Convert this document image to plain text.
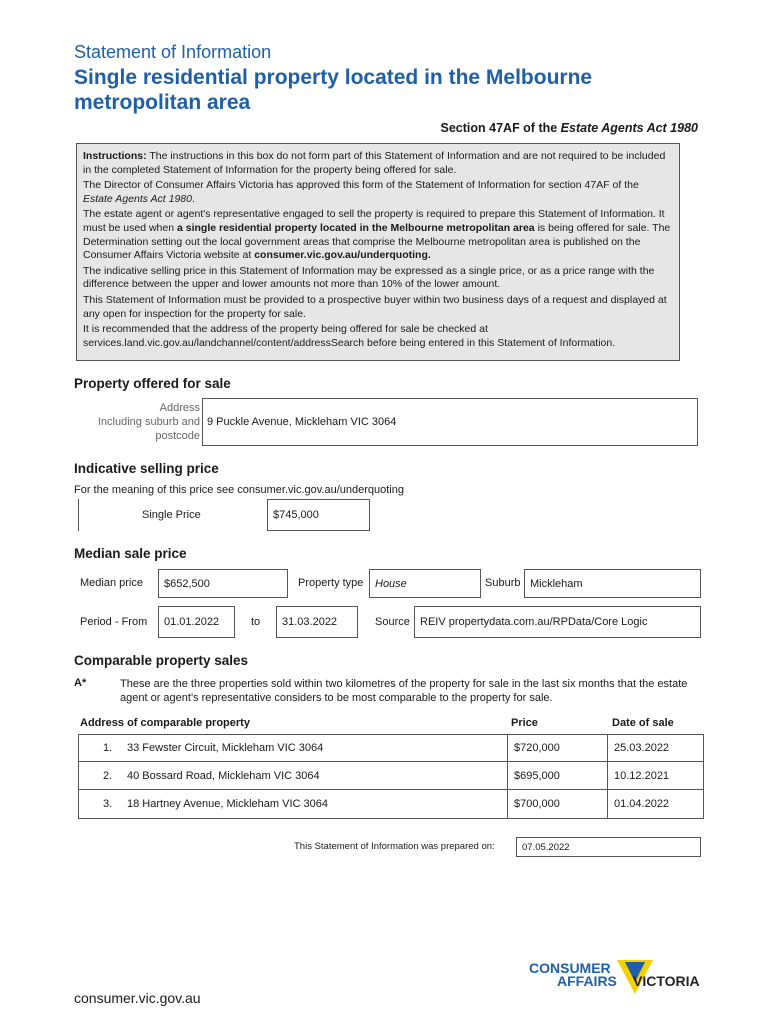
Statement of Information
Single residential property located in the Melbourne metropolitan area
Section 47AF of the Estate Agents Act 1980

Instructions: The instructions in this box do not form part of this Statement of Information and are not required to be included in the completed Statement of Information for the property being offered for sale.

The Director of Consumer Affairs Victoria has approved this form of the Statement of Information for section 47AF of the Estate Agents Act 1980.

The estate agent or agent's representative engaged to sell the property is required to prepare this Statement of Information. It must be used when a single residential property located in the Melbourne metropolitan area is being offered for sale. The Determination setting out the local government areas that comprise the Melbourne metropolitan area is published on the Consumer Affairs Victoria website at consumer.vic.gov.au/underquoting.

The indicative selling price in this Statement of Information may be expressed as a single price, or as a price range with the difference between the upper and lower amounts not more than 10% of the lower amount.

This Statement of Information must be provided to a prospective buyer within two business days of a request and displayed at any open for inspection for the property for sale.

It is recommended that the address of the property being offered for sale be checked at services.land.vic.gov.au/landchannel/content/addressSearch before being entered in this Statement of Information.

Property offered for sale
Address
Including suburb and
postcode
9 Puckle Avenue, Mickleham VIC 3064
Indicative selling price
For the meaning of this price see consumer.vic.gov.au/underquoting
Single Price	$745,000
Median sale price
Median price	$652,500	Property type	House	Suburb Mickleham
Period - From	01.01.2022	to	31.03.2022	Source REIV propertydata.com.au/RPData/Core Logic
Comparable property sales
A*	These are the three properties sold within two kilometres of the property for sale in the last six months that the estate agent or agent's representative considers to be most comparable to the property for sale.
Address of comparable property	Price	Date of sale
1.	33 Fewster Circuit, Mickleham VIC 3064	$720,000	25.03.2022
2.	40 Bossard Road, Mickleham VIC 3064	$695,000	10.12.2021
3.	18 Hartney Avenue, Mickleham VIC 3064	$700,000	01.04.2022
This Statement of Information was prepared on:	07.05.2022
CONSUMER
AFFAIRS VICTORIA
consumer.vic.gov.au
